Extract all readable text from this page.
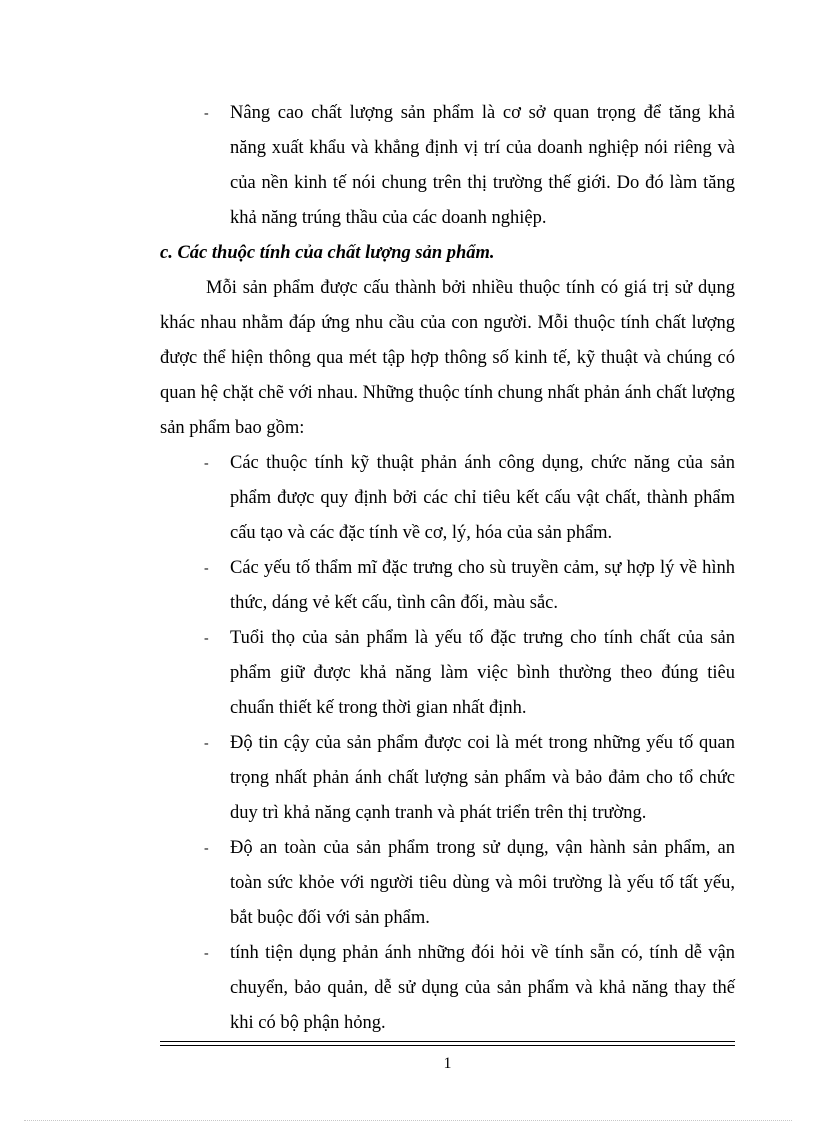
- Nâng cao chất lượng sản phẩm là cơ sở quan trọng để tăng khả năng xuất khẩu và khẳng định vị trí của doanh nghiệp nói riêng và của nền kinh tế nói chung trên thị trường thế giới. Do đó làm tăng khả năng trúng thầu của các doanh nghiệp.

c. Các thuộc tính của chất lượng sản phẩm.

Mỗi sản phẩm được cấu thành bởi nhiều thuộc tính có giá trị sử dụng khác nhau nhằm đáp ứng nhu cầu của con người. Mỗi thuộc tính chất lượng được thể hiện thông qua mét tập hợp thông số kinh tế, kỹ thuật và chúng có quan hệ chặt chẽ với nhau. Những thuộc tính chung nhất phản ánh chất lượng sản phẩm bao gồm:

- Các thuộc tính kỹ thuật phản ánh công dụng, chức năng của sản phẩm được quy định bởi các chỉ tiêu kết cấu vật chất, thành phẩm cấu tạo và các đặc tính về cơ, lý, hóa của sản phẩm.

- Các yếu tố thẩm mĩ đặc trưng cho sù truyền cảm, sự hợp lý về hình thức, dáng vẻ kết cấu, tình cân đối, màu sắc.

- Tuổi thọ của sản phẩm là yếu tố đặc trưng cho tính chất của sản phẩm giữ được khả năng làm việc bình thường theo đúng tiêu chuẩn thiết kế trong thời gian nhất định.

- Độ tin cậy của sản phẩm được coi là mét trong những yếu tố quan trọng nhất phản ánh chất lượng sản phẩm và bảo đảm cho tổ chức duy trì khả năng cạnh tranh và phát triển trên thị trường.

- Độ an toàn của sản phẩm trong sử dụng, vận hành sản phẩm, an toàn sức khỏe với người tiêu dùng và môi trường là yếu tố tất yếu, bắt buộc đối với sản phẩm.

- tính tiện dụng phản ánh những đói hỏi về tính sẵn có, tính dễ vận chuyển, bảo quản, dễ sử dụng của sản phẩm và khả năng thay thế khi có bộ phận hỏng.

1
